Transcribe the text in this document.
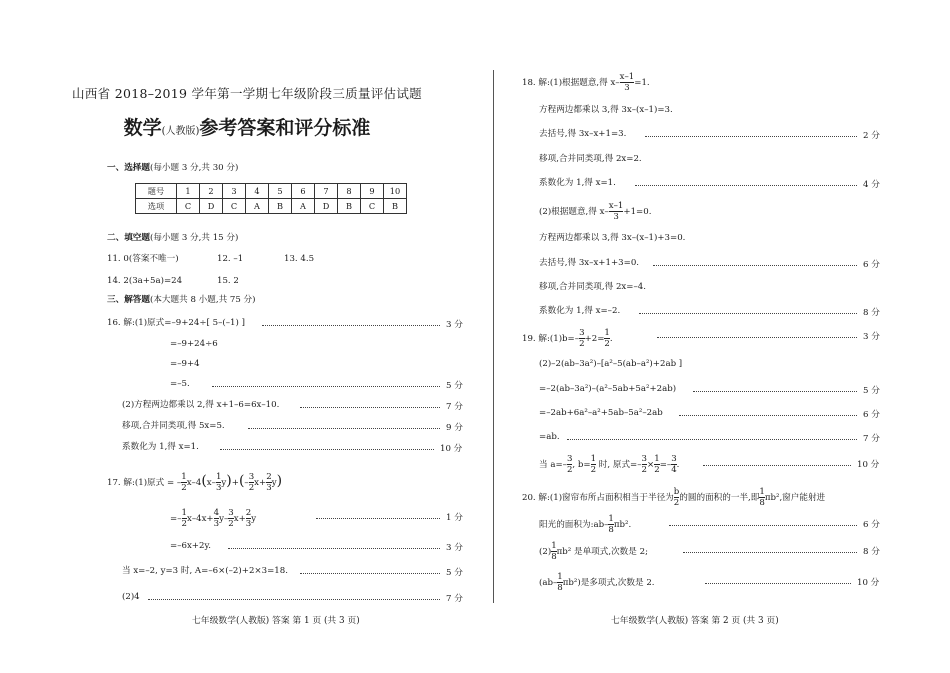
山西省 2018–2019 学年第一学期七年级阶段三质量评估试题
数学(人教版)参考答案和评分标准
一、选择题(每小题 3 分,共 30 分)
题号	1	2	3	4	5	6	7	8	9	10
选项	C	D	C	A	B	A	D	B	C	B
二、填空题(每小题 3 分,共 15 分)
11. 0(答案不唯一)	12. –1	13. 4.5
14. 2(3a+5a)=24	15. 2
三、解答题(本大题共 8 小题,共 75 分)
16. 解:(1)原式=–9+24÷[ 5–(–1) ]	3 分
=–9+24÷6
=–9+4
=–5.	5 分
(2)方程两边都乘以 2,得 x+1–6=6x–10.	7 分
移项,合并同类项,得 5x=5.	9 分
系数化为 1,得 x=1.	10 分
17. 解:(1)原式 = – $\frac{1}{2} x-4(x- \frac{1}{3} y)+(- \frac{3}{2} x+ \frac{2}{3} y)$
=– $\frac{1}{2} x-4x+ \frac{4}{3} y- \frac{3}{2} x+ \frac{2}{3}$ y	1 分
=–6x+2y.	3 分
当 x=–2, y=3 时, A=–6×(–2)+2×3=18.	5 分
(2)4	7 分
七年级数学(人教版) 答案 第 1 页 (共 3 页)
18. 解:(1)根据题意,得 $x- \frac{x-1}{3} =1$.
方程两边都乘以 3,得 3x–(x–1)=3.
去括号,得 3x–x+1=3.	2 分
移项,合并同类项,得 2x=2.
系数化为 1,得 x=1.	4 分
(2)根据题意,得 $x- \frac{x-1}{3} +1=0$.
方程两边都乘以 3,得 3x–(x–1)+3=0.
去括号,得 3x–x+1+3=0.	6 分
移项,合并同类项,得 2x=–4.
系数化为 1,得 x=–2.	8 分
19. 解:(1)b=– $\frac{3}{2} +2= \frac{1}{2}$ .	3 分
(2)–2(ab–3a²)–[a²–5(ab–a²)+2ab ]
=–2(ab–3a²)–(a²–5ab+5a²+2ab)	5 分
=–2ab+6a²–a²+5ab–5a²–2ab	6 分
=ab.	7 分
当 $a=- \frac{3}{2}$ , $b= \frac{1}{2}$ 时, 原式=– $\frac{3}{2} \times \frac{1}{2} =- \frac{3}{4}$ .	10 分
20. 解:(1)窗帘布所占面积相当于半径为 $\frac{b}{2}$ 的圆的面积的一半,即 $\frac{1}{8} \pi b^2$,窗户能射进
阳光的面积为:ab– $\frac{1}{8} \pi b^2$.	6 分
$(2) \frac{1}{8} \pi b^2$ 是单项式,次数是 2;	8 分
$(ab- \frac{1}{8} \pi b^2)$是多项式,次数是 2.	10 分
七年级数学(人教版) 答案 第 2 页 (共 3 页)
